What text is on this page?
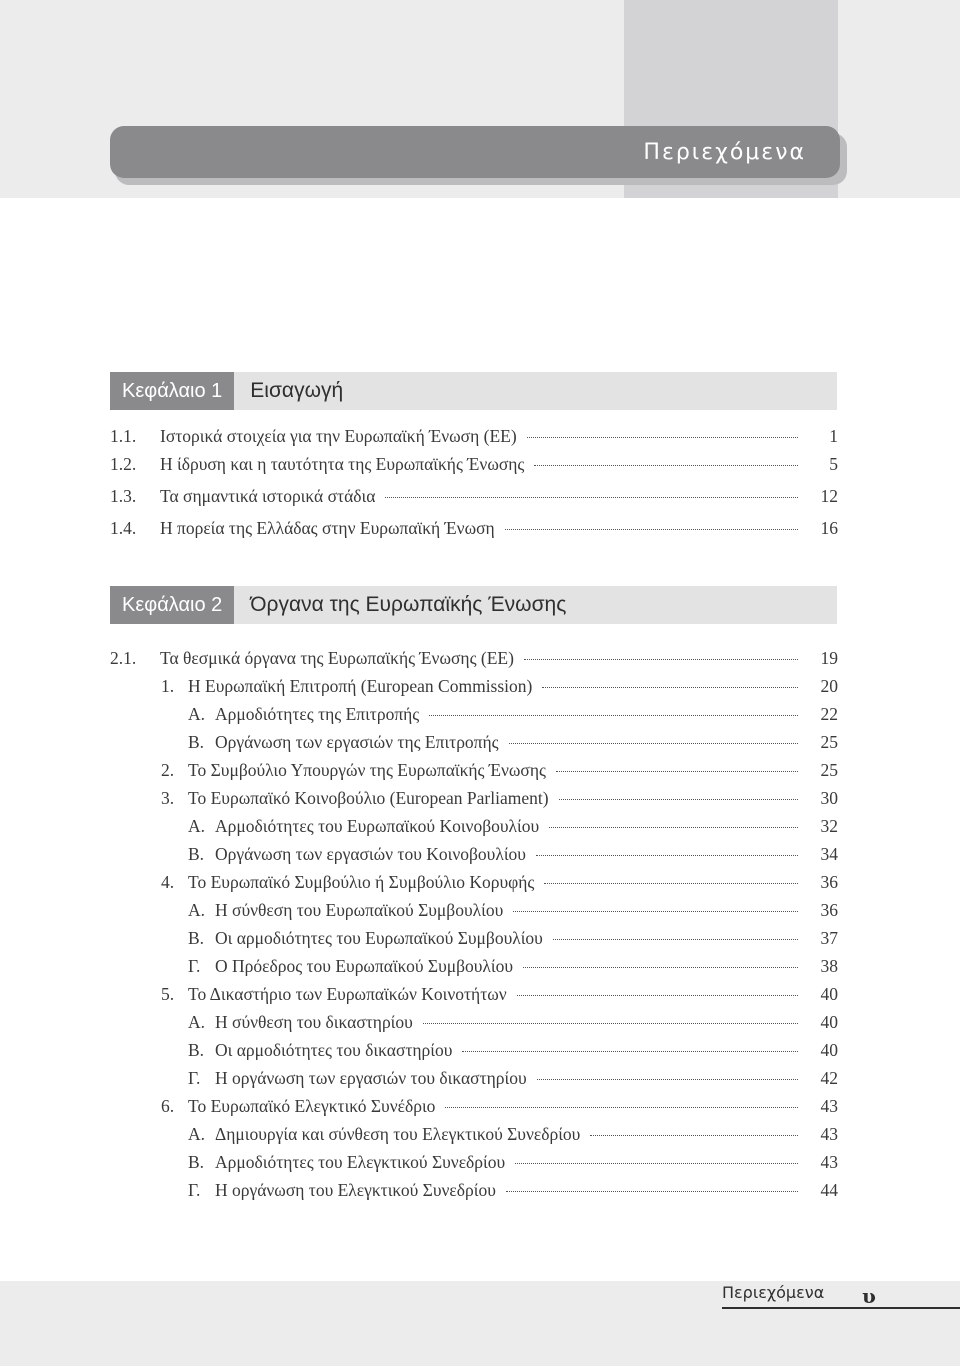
Περιεχόμενα
Κεφάλαιο 1	Εισαγωγή
1.1.	Ιστορικά στοιχεία για την Ευρωπαϊκή Ένωση (ΕΕ)	1
1.2.	Η ίδρυση και η ταυτότητα της Ευρωπαϊκής Ένωσης	5
1.3.	Τα σημαντικά ιστορικά στάδια	12
1.4.	Η πορεία της Ελλάδας στην Ευρωπαϊκή Ένωση	16
Κεφάλαιο 2	Όργανα της Ευρωπαϊκής Ένωσης
2.1.	Τα θεσμικά όργανα της Ευρωπαϊκής Ένωσης (ΕΕ)	19
1. Η Ευρωπαϊκή Επιτροπή (European Commission)	20
Α. Αρμοδιότητες της Επιτροπής	22
Β. Οργάνωση των εργασιών της Επιτροπής	25
2. Το Συμβούλιο Υπουργών της Ευρωπαϊκής Ένωσης	25
3. Το Ευρωπαϊκό Κοινοβούλιο (European Parliament)	30
Α. Αρμοδιότητες του Ευρωπαϊκού Κοινοβουλίου	32
Β. Οργάνωση των εργασιών του Κοινοβουλίου	34
4. Το Ευρωπαϊκό Συμβούλιο ή Συμβούλιο Κορυφής	36
Α. Η σύνθεση του Ευρωπαϊκού Συμβουλίου	36
Β. Οι αρμοδιότητες του Ευρωπαϊκού Συμβουλίου	37
Γ. Ο Πρόεδρος του Ευρωπαϊκού Συμβουλίου	38
5. Το Δικαστήριο των Ευρωπαϊκών Κοινοτήτων	40
Α. Η σύνθεση του δικαστηρίου	40
Β. Οι αρμοδιότητες του δικαστηρίου	40
Γ. Η οργάνωση των εργασιών του δικαστηρίου	42
6. Το Ευρωπαϊκό Ελεγκτικό Συνέδριο	43
Α. Δημιουργία και σύνθεση του Ελεγκτικού Συνεδρίου	43
Β. Αρμοδιότητες του Ελεγκτικού Συνεδρίου	43
Γ. Η οργάνωση του Ελεγκτικού Συνεδρίου	44
Περιεχόμενα υ
